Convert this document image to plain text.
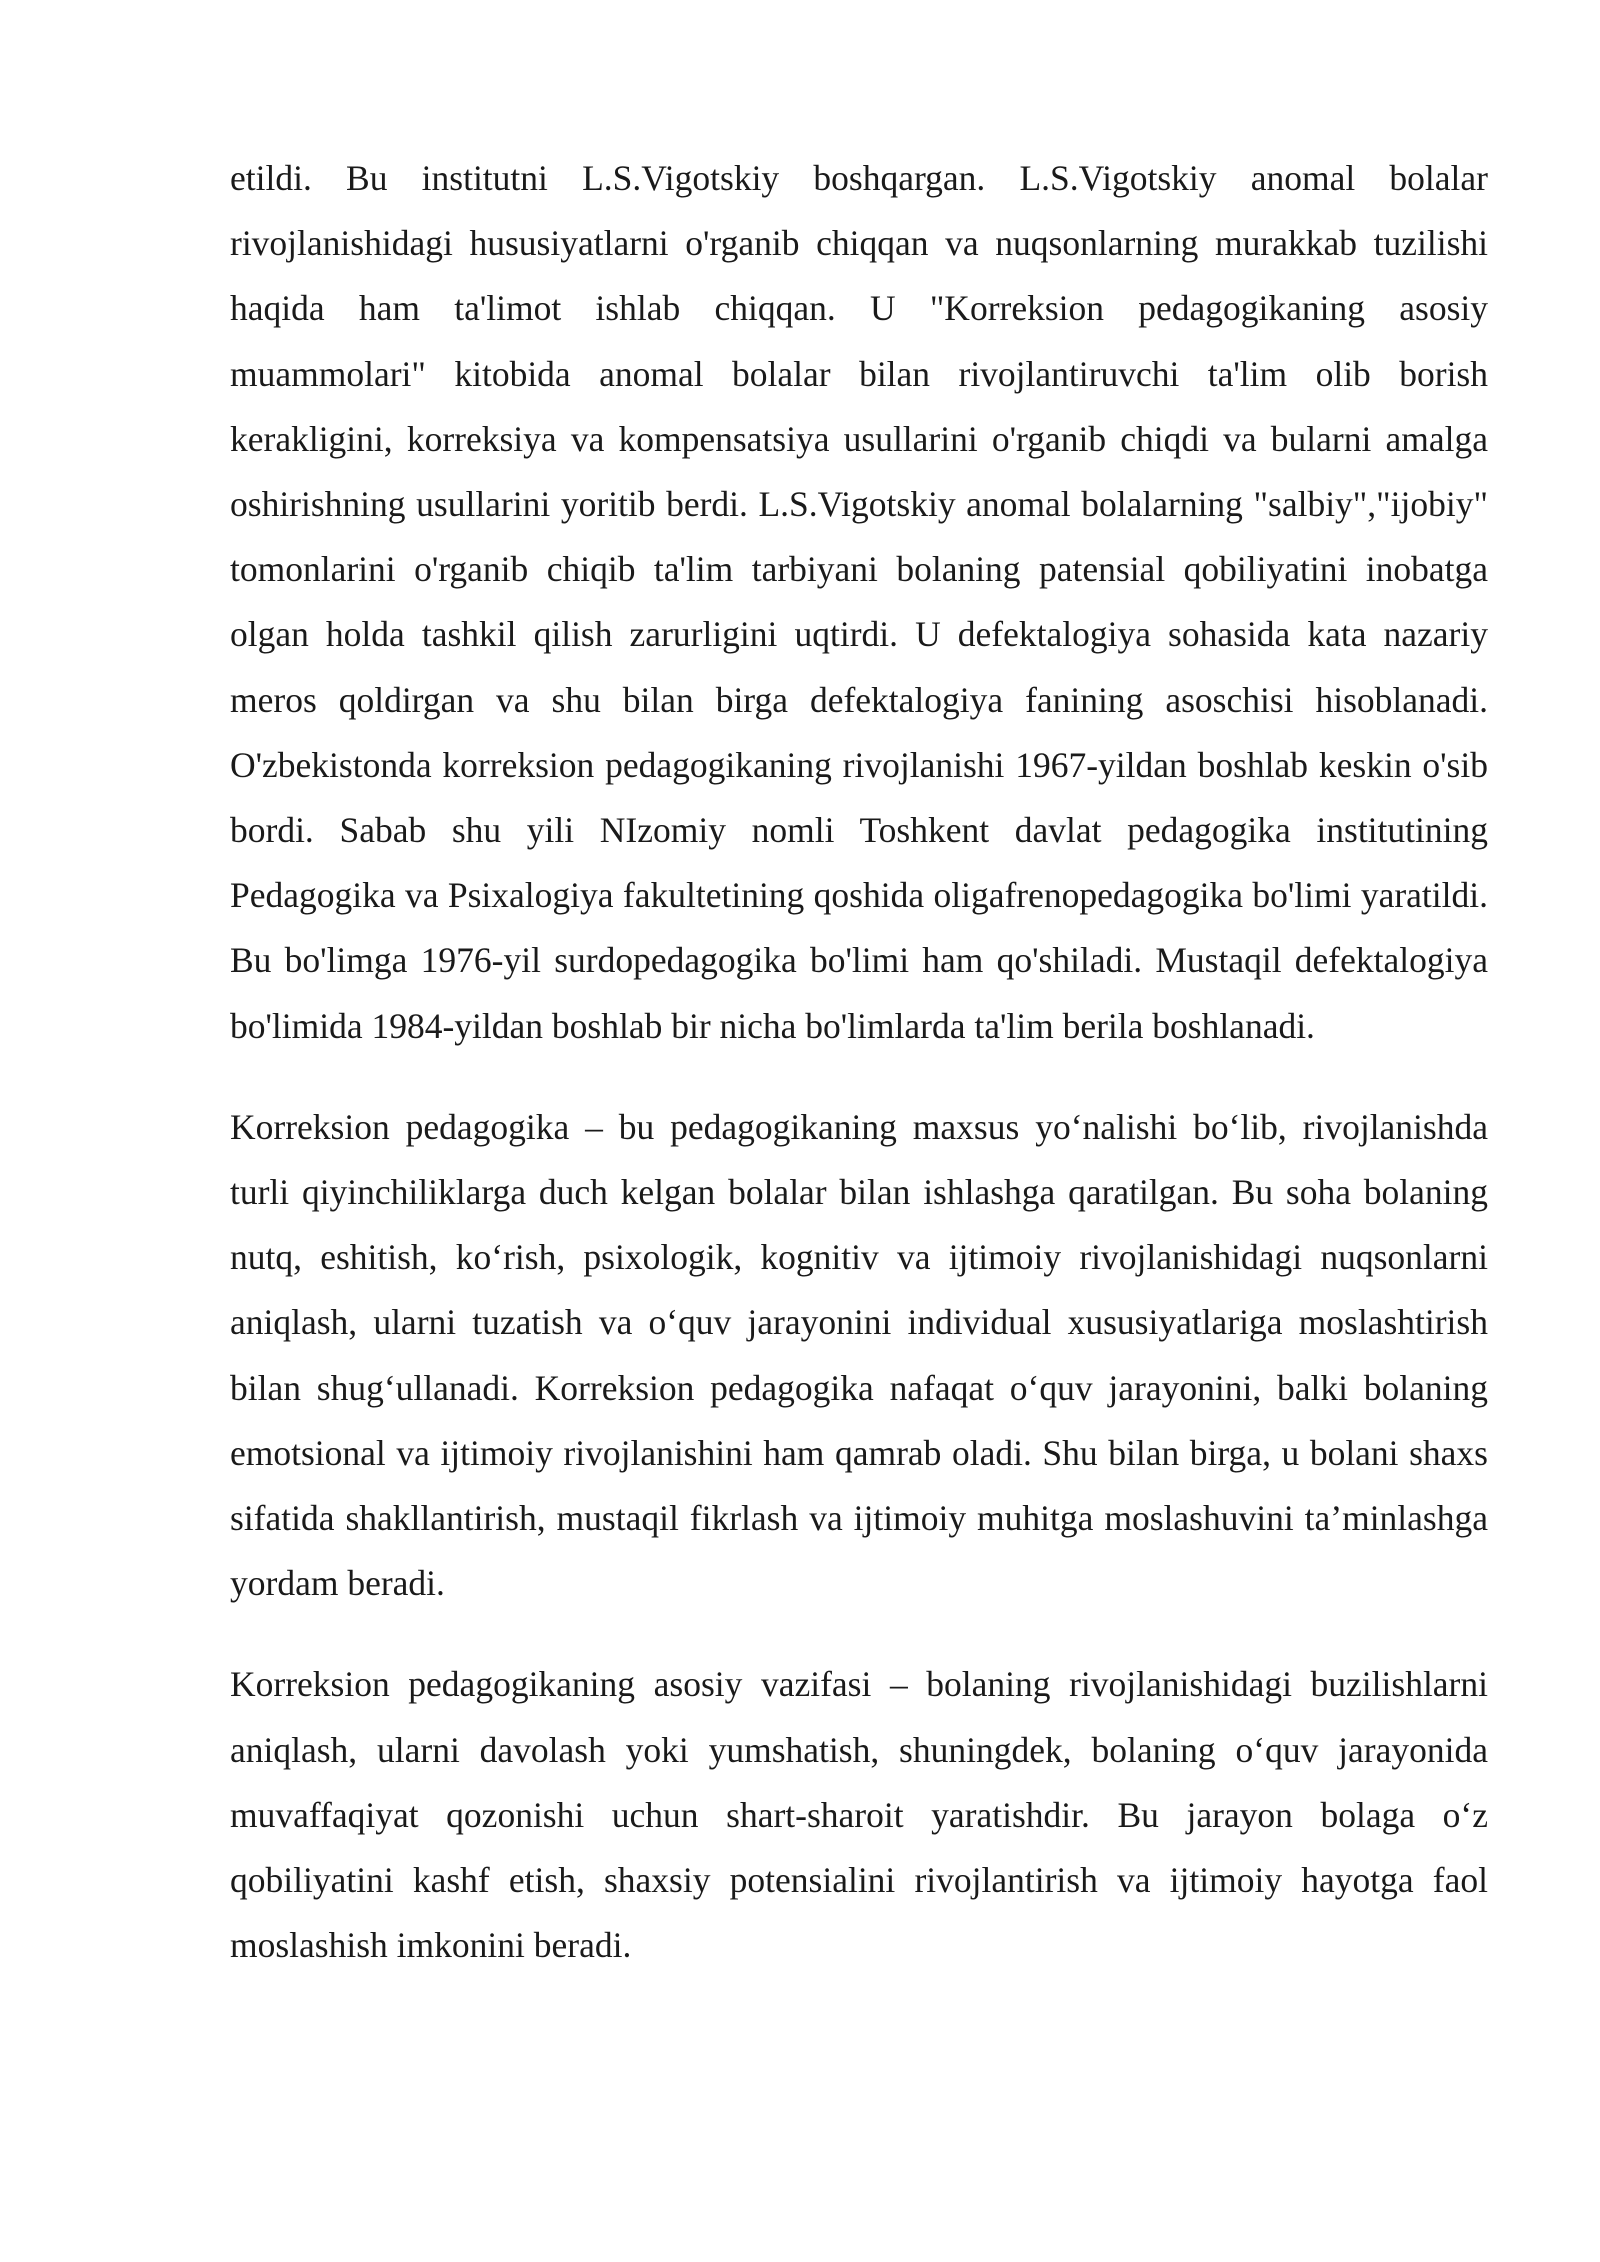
etildi. Bu institutni L.S.Vigotskiy boshqargan. L.S.Vigotskiy anomal bolalar rivojlanishidagi hususiyatlarni o'rganib chiqqan va nuqsonlarning murakkab tuzilishi haqida ham ta'limot ishlab chiqqan. U "Korreksion pedagogikaning asosiy muammolari" kitobida anomal bolalar bilan rivojlantiruvchi ta'lim olib borish kerakligini, korreksiya va kompensatsiya usullarini o'rganib chiqdi va bularni amalga oshirishning usullarini yoritib berdi. L.S.Vigotskiy anomal bolalarning "salbiy","ijobiy" tomonlarini o'rganib chiqib ta'lim tarbiyani bolaning patensial qobiliyatini inobatga olgan holda tashkil qilish zarurligini uqtirdi. U defektalogiya sohasida kata nazariy meros qoldirgan va shu bilan birga defektalogiya fanining asoschisi hisoblanadi. O'zbekistonda korreksion pedagogikaning rivojlanishi 1967-yildan boshlab keskin o'sib bordi. Sabab shu yili NIzomiy nomli Toshkent davlat pedagogika institutining Pedagogika va Psixalogiya fakultetining qoshida oligafrenopedagogika bo'limi yaratildi. Bu bo'limga 1976-yil surdopedagogika bo'limi ham qo'shiladi. Mustaqil defektalogiya bo'limida 1984-yildan boshlab bir nicha bo'limlarda ta'lim berila boshlanadi.

Korreksion pedagogika – bu pedagogikaning maxsus yo‘nalishi bo‘lib, rivojlanishda turli qiyinchiliklarga duch kelgan bolalar bilan ishlashga qaratilgan. Bu soha bolaning nutq, eshitish, ko‘rish, psixologik, kognitiv va ijtimoiy rivojlanishidagi nuqsonlarni aniqlash, ularni tuzatish va o‘quv jarayonini individual xususiyatlariga moslashtirish bilan shug‘ullanadi. Korreksion pedagogika nafaqat o‘quv jarayonini, balki bolaning emotsional va ijtimoiy rivojlanishini ham qamrab oladi. Shu bilan birga, u bolani shaxs sifatida shakllantirish, mustaqil fikrlash va ijtimoiy muhitga moslashuvini ta’minlashga yordam beradi.

Korreksion pedagogikaning asosiy vazifasi – bolaning rivojlanishidagi buzilishlarni aniqlash, ularni davolash yoki yumshatish, shuningdek, bolaning o‘quv jarayonida muvaffaqiyat qozonishi uchun shart-sharoit yaratishdir. Bu jarayon bolaga o‘z qobiliyatini kashf etish, shaxsiy potensialini rivojlantirish va ijtimoiy hayotga faol moslashish imkonini beradi.
